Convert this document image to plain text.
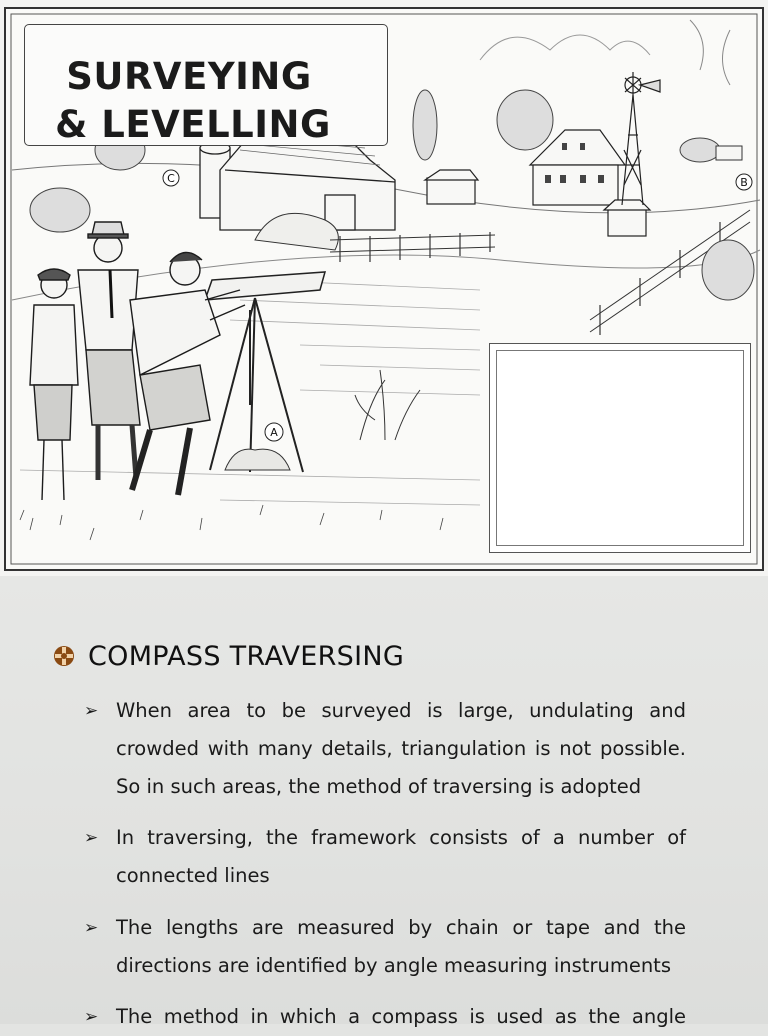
C	B
A
SURVEYING
& LEVELLING
COMPASS TRAVERSING
➢ When area to be surveyed is large, undulating and
crowded with many details, triangulation is not possible.
So in such areas, the method of traversing is adopted
➢ In traversing, the framework consists of a number of
connected lines
➢ The lengths are measured by chain or tape and the
directions are identified by angle measuring instruments
➢ The method in which a compass is used as the angle
